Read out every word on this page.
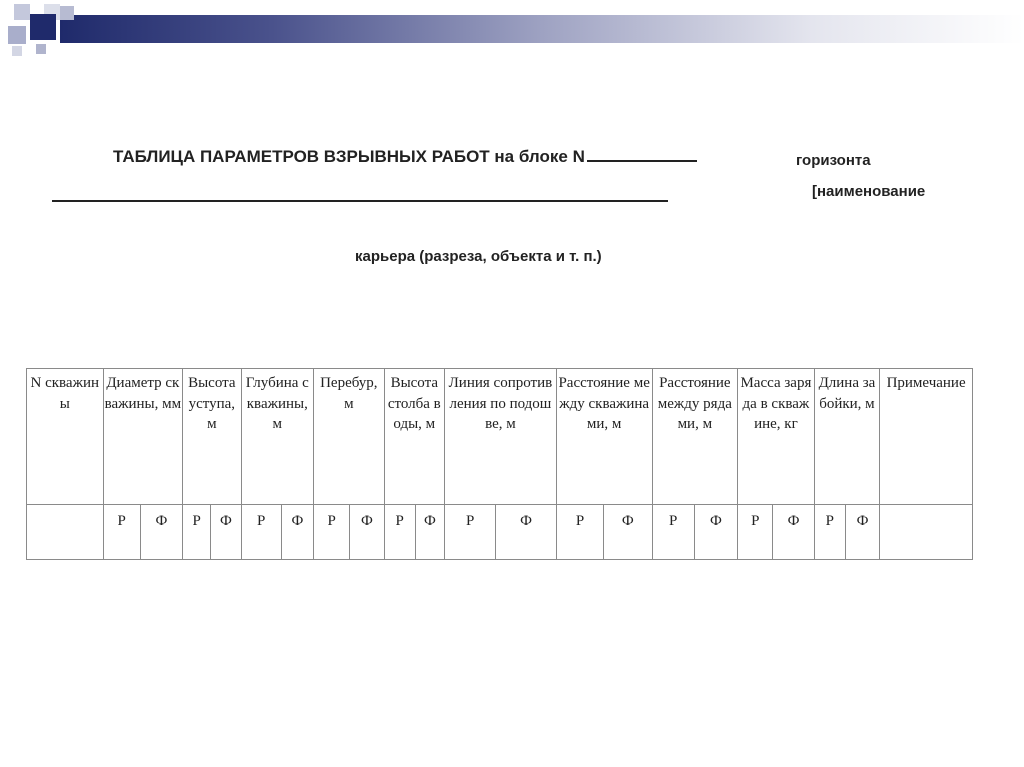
ТАБЛИЦА ПАРАМЕТРОВ ВЗРЫВНЫХ РАБОТ на блоке N	горизонта
[наименование
карьера (разреза, объекта и т. п.)
N скважины	Диаметр скважины, мм		Высота уступа, м		Глубина скважины, м		Перебур, м		Высота столба воды, м		Линия сопротивления по подошве, м		Расстояние между скважинами, м		Расстояние между рядами, м		Масса заряда в скважине, кг		Длина забойки, м		Примечание
	Р	Ф	Р	Ф	Р	Ф	Р	Ф	Р	Ф	Р	Ф	Р	Ф	Р	Ф	Р	Ф	Р	Ф	
